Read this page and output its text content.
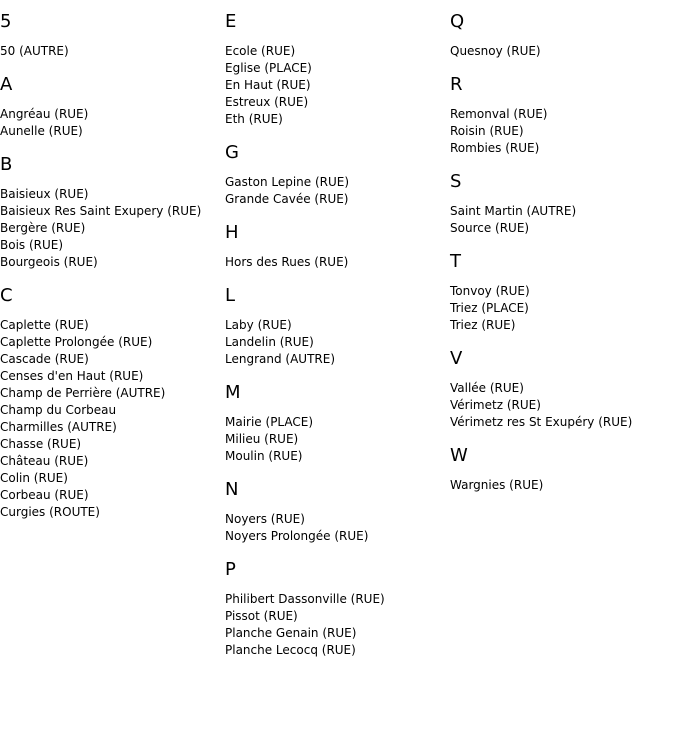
5
50 (AUTRE)
A
Angréau (RUE)
Aunelle (RUE)
B
Baisieux (RUE)
Baisieux Res Saint Exupery (RUE)
Bergère (RUE)
Bois (RUE)
Bourgeois (RUE)
C
Caplette (RUE)
Caplette Prolongée (RUE)
Cascade (RUE)
Censes d'en Haut (RUE)
Champ de Perrière (AUTRE)
Champ du Corbeau
Charmilles (AUTRE)
Chasse (RUE)
Château (RUE)
Colin (RUE)
Corbeau (RUE)
Curgies (ROUTE)
E
Ecole (RUE)
Eglise (PLACE)
En Haut (RUE)
Estreux (RUE)
Eth (RUE)
G
Gaston Lepine (RUE)
Grande Cavée (RUE)
H
Hors des Rues (RUE)
L
Laby (RUE)
Landelin (RUE)
Lengrand (AUTRE)
M
Mairie (PLACE)
Milieu (RUE)
Moulin (RUE)
N
Noyers (RUE)
Noyers Prolongée (RUE)
P
Philibert Dassonville (RUE)
Pissot (RUE)
Planche Genain (RUE)
Planche Lecocq (RUE)
Q
Quesnoy (RUE)
R
Remonval (RUE)
Roisin (RUE)
Rombies (RUE)
S
Saint Martin (AUTRE)
Source (RUE)
T
Tonvoy (RUE)
Triez (PLACE)
Triez (RUE)
V
Vallée (RUE)
Vérimetz (RUE)
Vérimetz res St Exupéry (RUE)
W
Wargnies (RUE)
